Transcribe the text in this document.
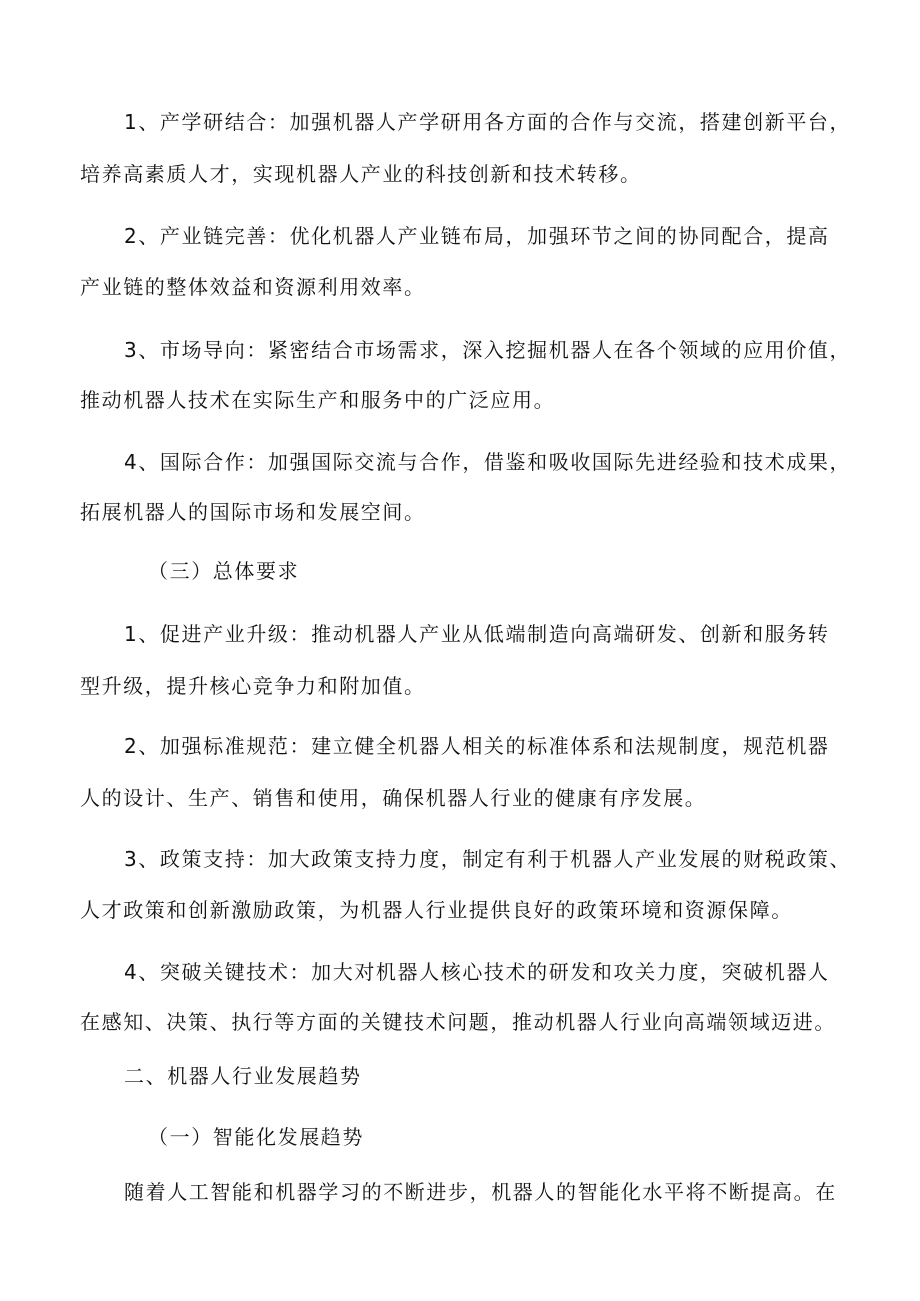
1、产学研结合：加强机器人产学研用各方面的合作与交流，搭建创新平台，
培养高素质人才，实现机器人产业的科技创新和技术转移。
2、产业链完善：优化机器人产业链布局，加强环节之间的协同配合，提高
产业链的整体效益和资源利用效率。
3、市场导向：紧密结合市场需求，深入挖掘机器人在各个领域的应用价值，
推动机器人技术在实际生产和服务中的广泛应用。
4、国际合作：加强国际交流与合作，借鉴和吸收国际先进经验和技术成果，
拓展机器人的国际市场和发展空间。
（三）总体要求
1、促进产业升级：推动机器人产业从低端制造向高端研发、创新和服务转
型升级，提升核心竞争力和附加值。
2、加强标准规范：建立健全机器人相关的标准体系和法规制度，规范机器
人的设计、生产、销售和使用，确保机器人行业的健康有序发展。
3、政策支持：加大政策支持力度，制定有利于机器人产业发展的财税政策、
人才政策和创新激励政策，为机器人行业提供良好的政策环境和资源保障。
4、突破关键技术：加大对机器人核心技术的研发和攻关力度，突破机器人
在感知、决策、执行等方面的关键技术问题，推动机器人行业向高端领域迈进。
二、机器人行业发展趋势
（一）智能化发展趋势
随着人工智能和机器学习的不断进步，机器人的智能化水平将不断提高。在
